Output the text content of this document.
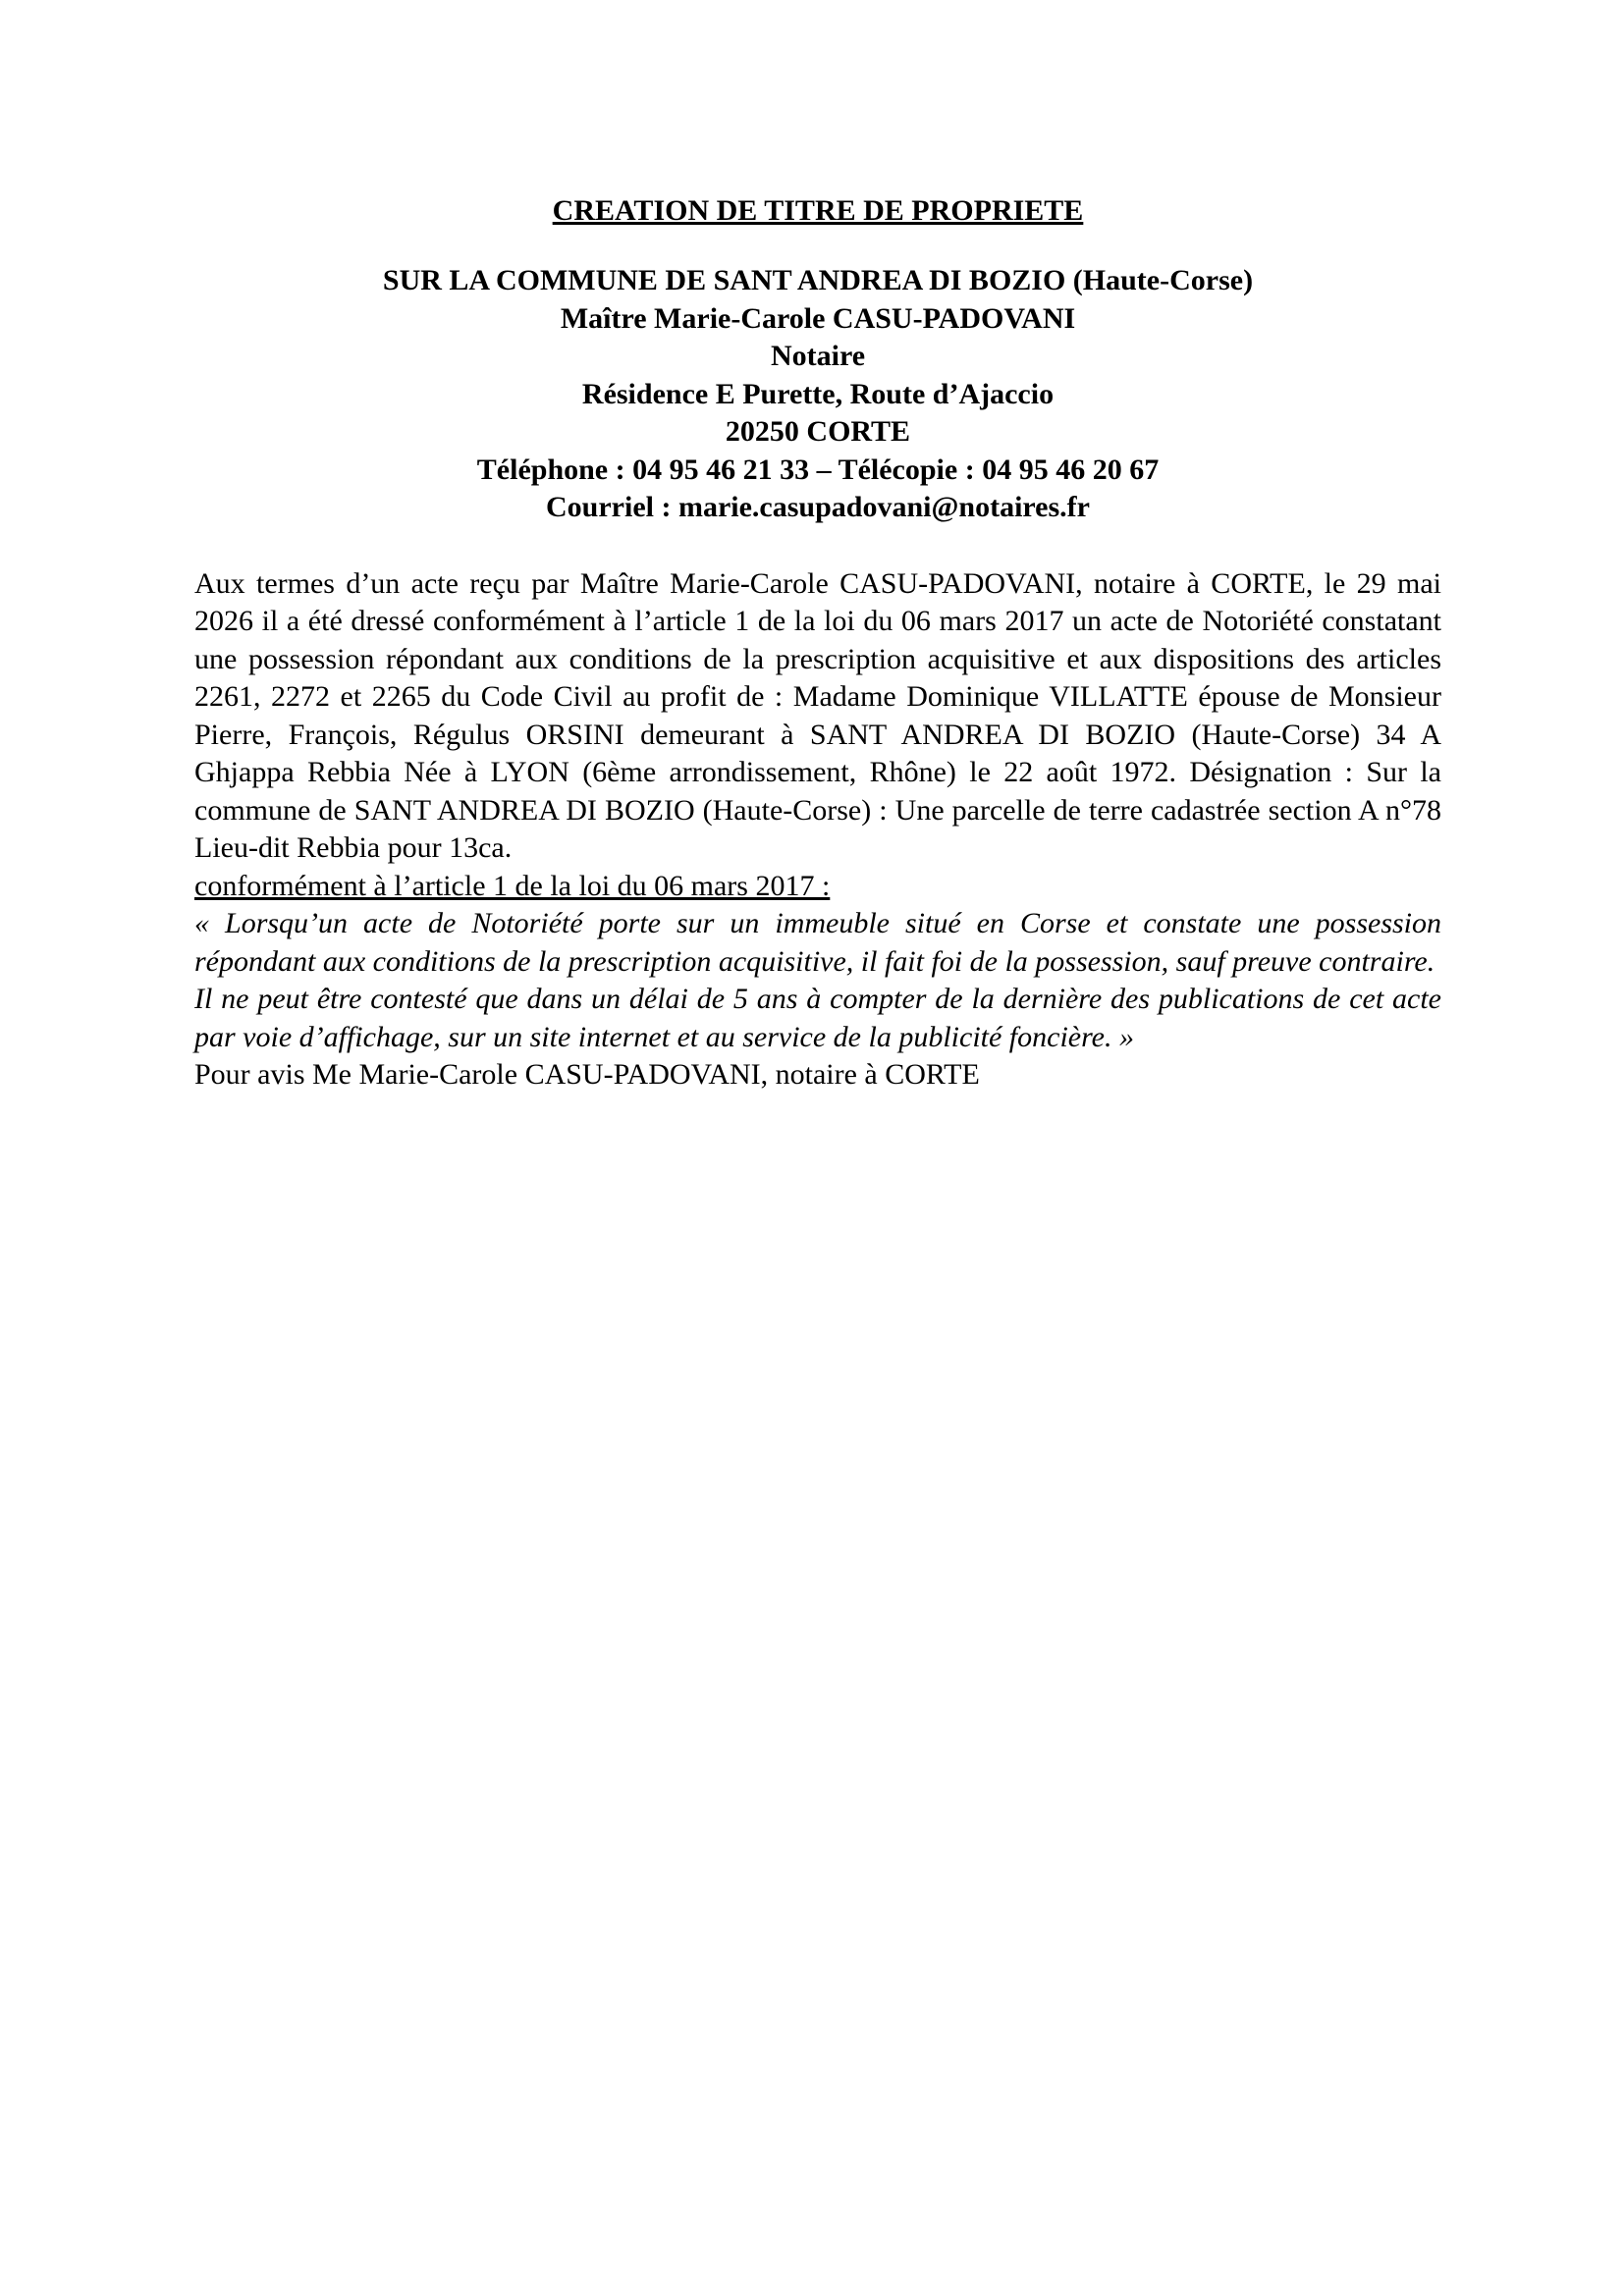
CREATION DE TITRE DE PROPRIETE

SUR LA COMMUNE DE SANT ANDREA DI BOZIO (Haute-Corse)
Maître Marie-Carole CASU-PADOVANI
Notaire
Résidence E Purette, Route d’Ajaccio
20250 CORTE
Téléphone : 04 95 46 21 33 – Télécopie : 04 95 46 20 67
Courriel : marie.casupadovani@notaires.fr

Aux termes d’un acte reçu par Maître Marie-Carole CASU-PADOVANI, notaire à CORTE, le 29 mai 2026 il a été dressé conformément à l’article 1 de la loi du 06 mars 2017 un acte de Notoriété constatant une possession répondant aux conditions de la prescription acquisitive et aux dispositions des articles 2261, 2272 et 2265 du Code Civil au profit de : Madame Dominique VILLATTE épouse de Monsieur Pierre, François, Régulus ORSINI demeurant à SANT ANDREA DI BOZIO (Haute-Corse) 34 A Ghjappa Rebbia Née à LYON (6ème arrondissement, Rhône) le 22 août 1972. Désignation : Sur la commune de SANT ANDREA DI BOZIO (Haute-Corse) : Une parcelle de terre cadastrée section A n°78 Lieu-dit Rebbia pour 13ca.

conformément à l’article 1 de la loi du 06 mars 2017 :

« Lorsqu’un acte de Notoriété porte sur un immeuble situé en Corse et constate une possession répondant aux conditions de la prescription acquisitive, il fait foi de la possession, sauf preuve contraire.

Il ne peut être contesté que dans un délai de 5 ans à compter de la dernière des publications de cet acte par voie d’affichage, sur un site internet et au service de la publicité foncière. »

Pour avis Me Marie-Carole CASU-PADOVANI, notaire à CORTE
